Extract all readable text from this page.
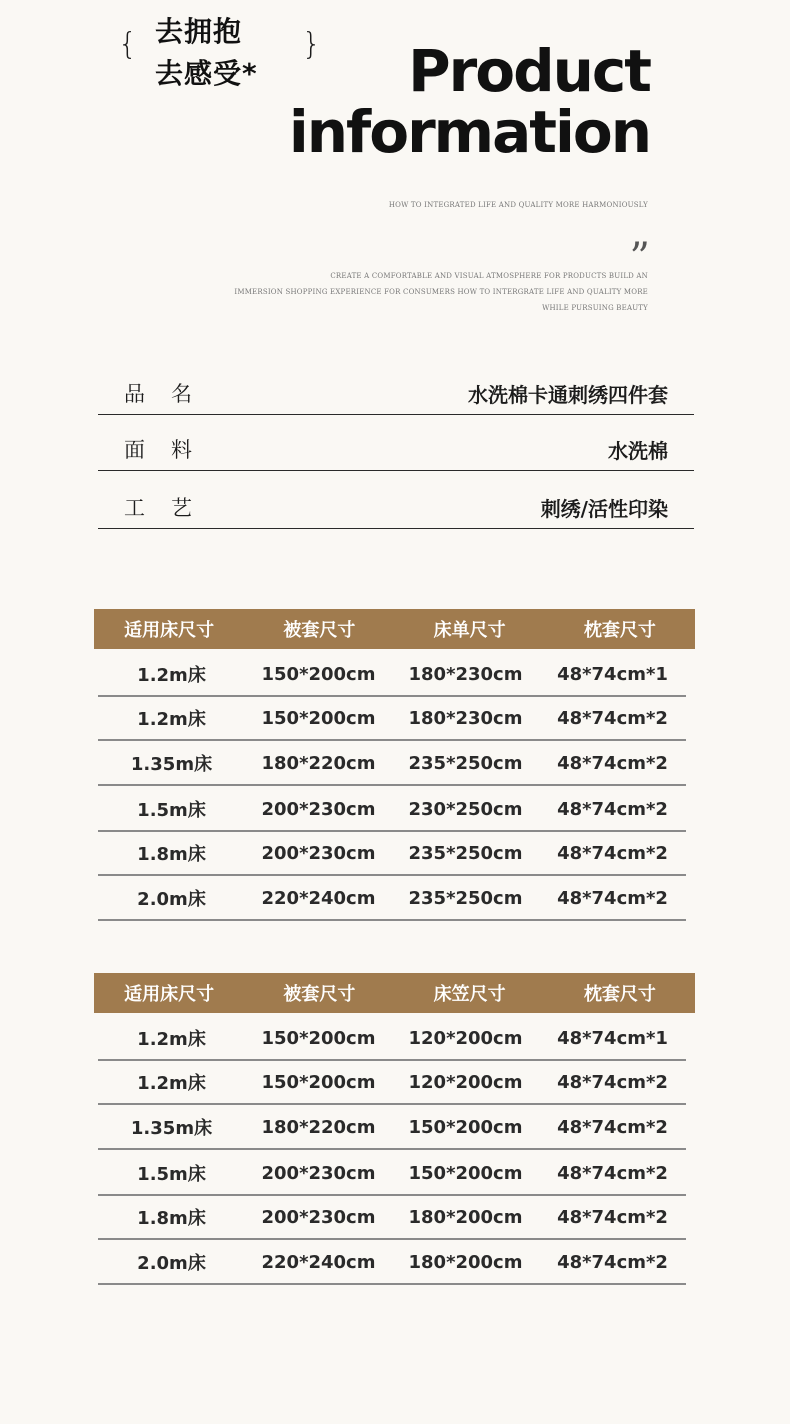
{ 去拥抱
去感受*
} Product
information
HOW TO INTEGRATED LIFE AND QUALITY MORE HARMONIOUSLY
”
CREATE A COMFORTABLE AND VISUAL ATMOSPHERE FOR PRODUCTS BUILD AN
IMMERSION SHOPPING EXPERIENCE FOR CONSUMERS HOW TO INTERGRATE LIFE AND QUALITY MORE
WHILE PURSUING BEAUTY
品名	水洗棉卡通刺绣四件套
面料	水洗棉
工艺	刺绣/活性印染
适用床尺寸	被套尺寸	床单尺寸	枕套尺寸
1.2m床	150*200cm	180*230cm	48*74cm*1
1.2m床	150*200cm	180*230cm	48*74cm*2
1.35m床	180*220cm	235*250cm	48*74cm*2
1.5m床	200*230cm	230*250cm	48*74cm*2
1.8m床	200*230cm	235*250cm	48*74cm*2
2.0m床	220*240cm	235*250cm	48*74cm*2
适用床尺寸	被套尺寸	床笠尺寸	枕套尺寸
1.2m床	150*200cm	120*200cm	48*74cm*1
1.2m床	150*200cm	120*200cm	48*74cm*2
1.35m床	180*220cm	150*200cm	48*74cm*2
1.5m床	200*230cm	150*200cm	48*74cm*2
1.8m床	200*230cm	180*200cm	48*74cm*2
2.0m床	220*240cm	180*200cm	48*74cm*2
